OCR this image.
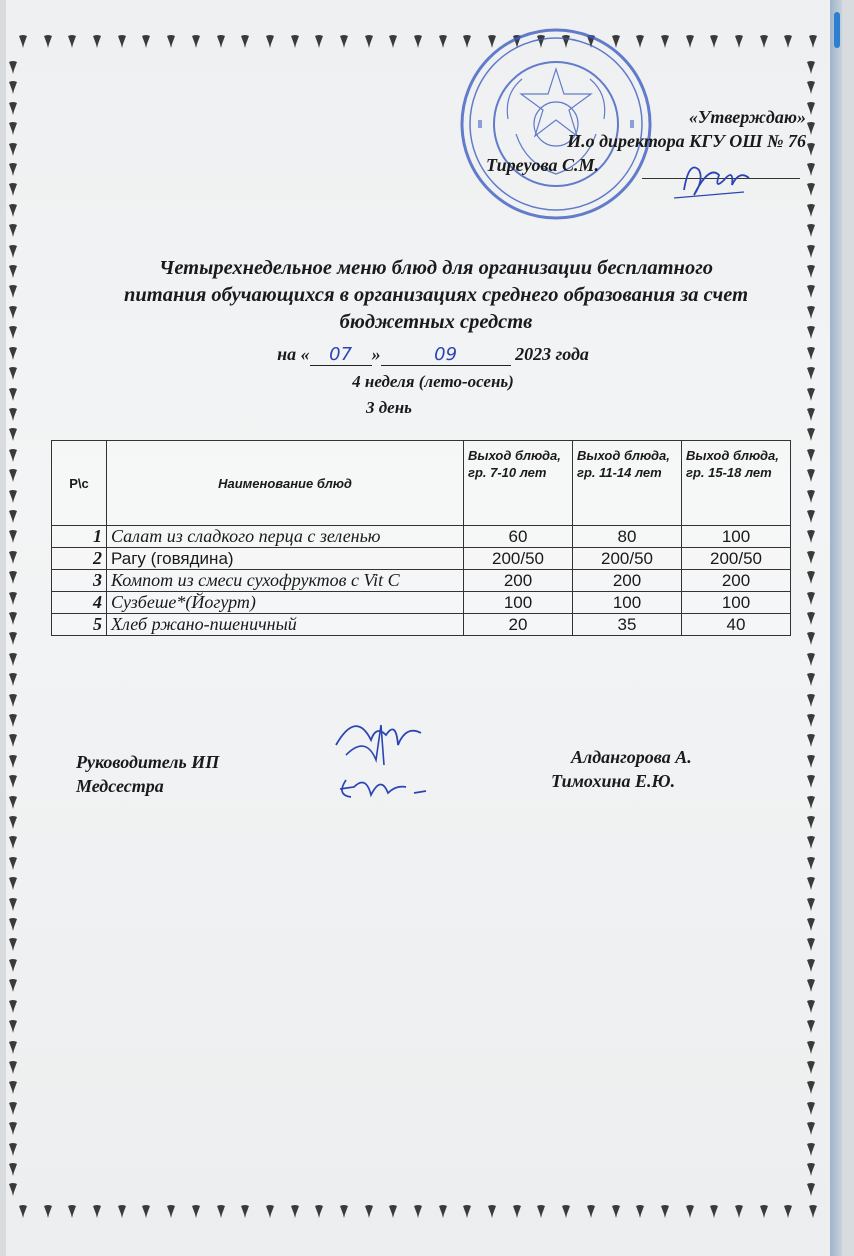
«Утверждаю»
И.о директора КГУ ОШ № 76
Тиреуова С.М.
Четырехнедельное меню блюд для организации бесплатного
питания обучающихся в организациях среднего образования за счет
бюджетных средств
на « 07 »	09	2023 года
4 неделя (лето-осень)
3 день
Р\с	Наименование блюд	Выход блюда, гр. 7-10 лет	Выход блюда, гр. 11-14 лет	Выход блюда, гр. 15-18 лет
1	Салат из сладкого перца с зеленью	60	80	100
2	Рагу (говядина)	200/50	200/50	200/50
3	Компот из смеси сухофруктов с Vit C	200	200	200
4	Сузбеше*(Йогурт)	100	100	100
5	Хлеб ржано-пшеничный	20	35	40
Руководитель ИП
Медсестра
Алдангорова А.
Тимохина Е.Ю.
